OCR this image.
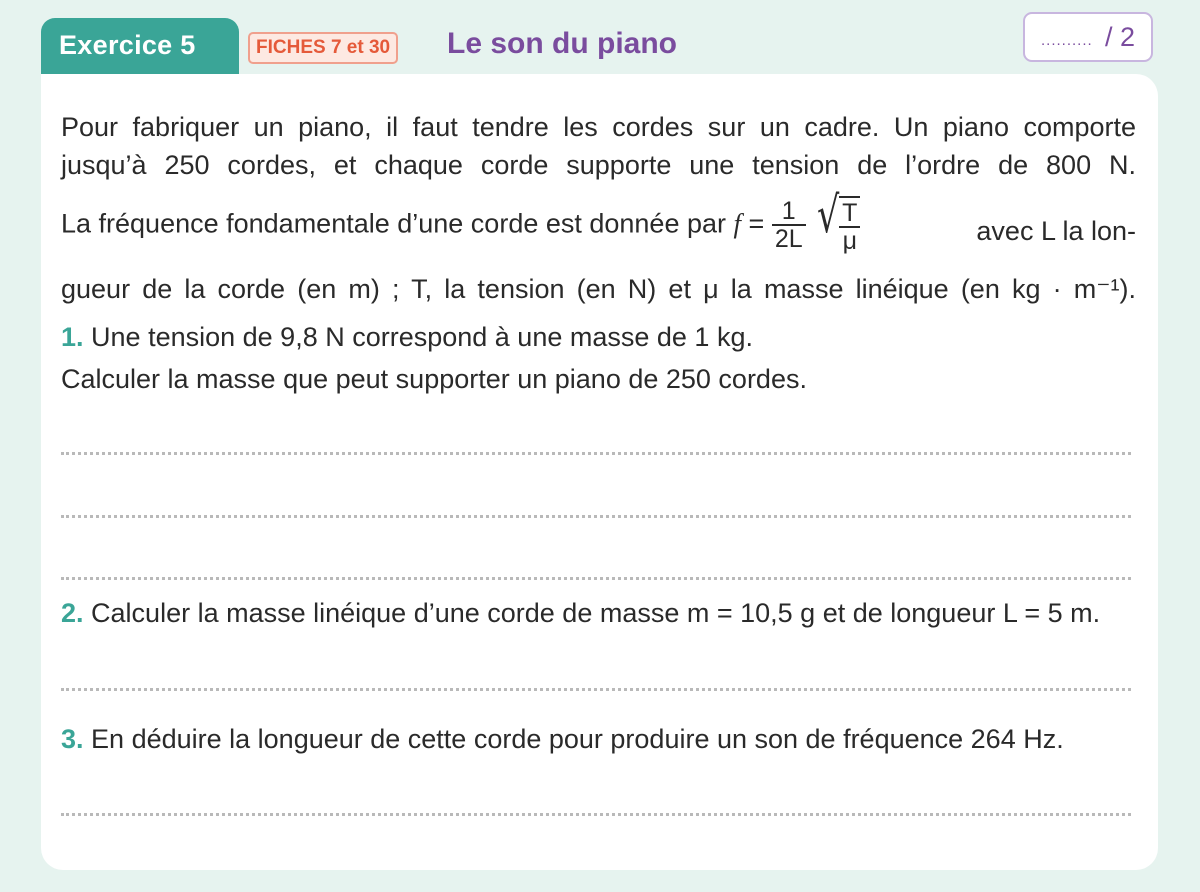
Exercice 5	FICHES 7 et 30 Le son du piano	.......... / 2
Pour fabriquer un piano, il faut tendre les cordes sur un cadre. Un piano comporte
jusqu’à 250 cordes, et chaque corde supporte une tension de l’ordre de 800 N.
La fréquence fondamentale d’une corde est donnée par $f = \frac{1}{2L}$
√ $\frac{T}{\mu}$	avec L la lon-
gueur de la corde (en m) ; T, la tension (en N) et μ la masse linéique (en kg · m⁻¹).
1. Une tension de 9,8 N correspond à une masse de 1 kg.
Calculer la masse que peut supporter un piano de 250 cordes.
2. Calculer la masse linéique d’une corde de masse m = 10,5 g et de longueur L = 5 m.
3. En déduire la longueur de cette corde pour produire un son de fréquence 264 Hz.
